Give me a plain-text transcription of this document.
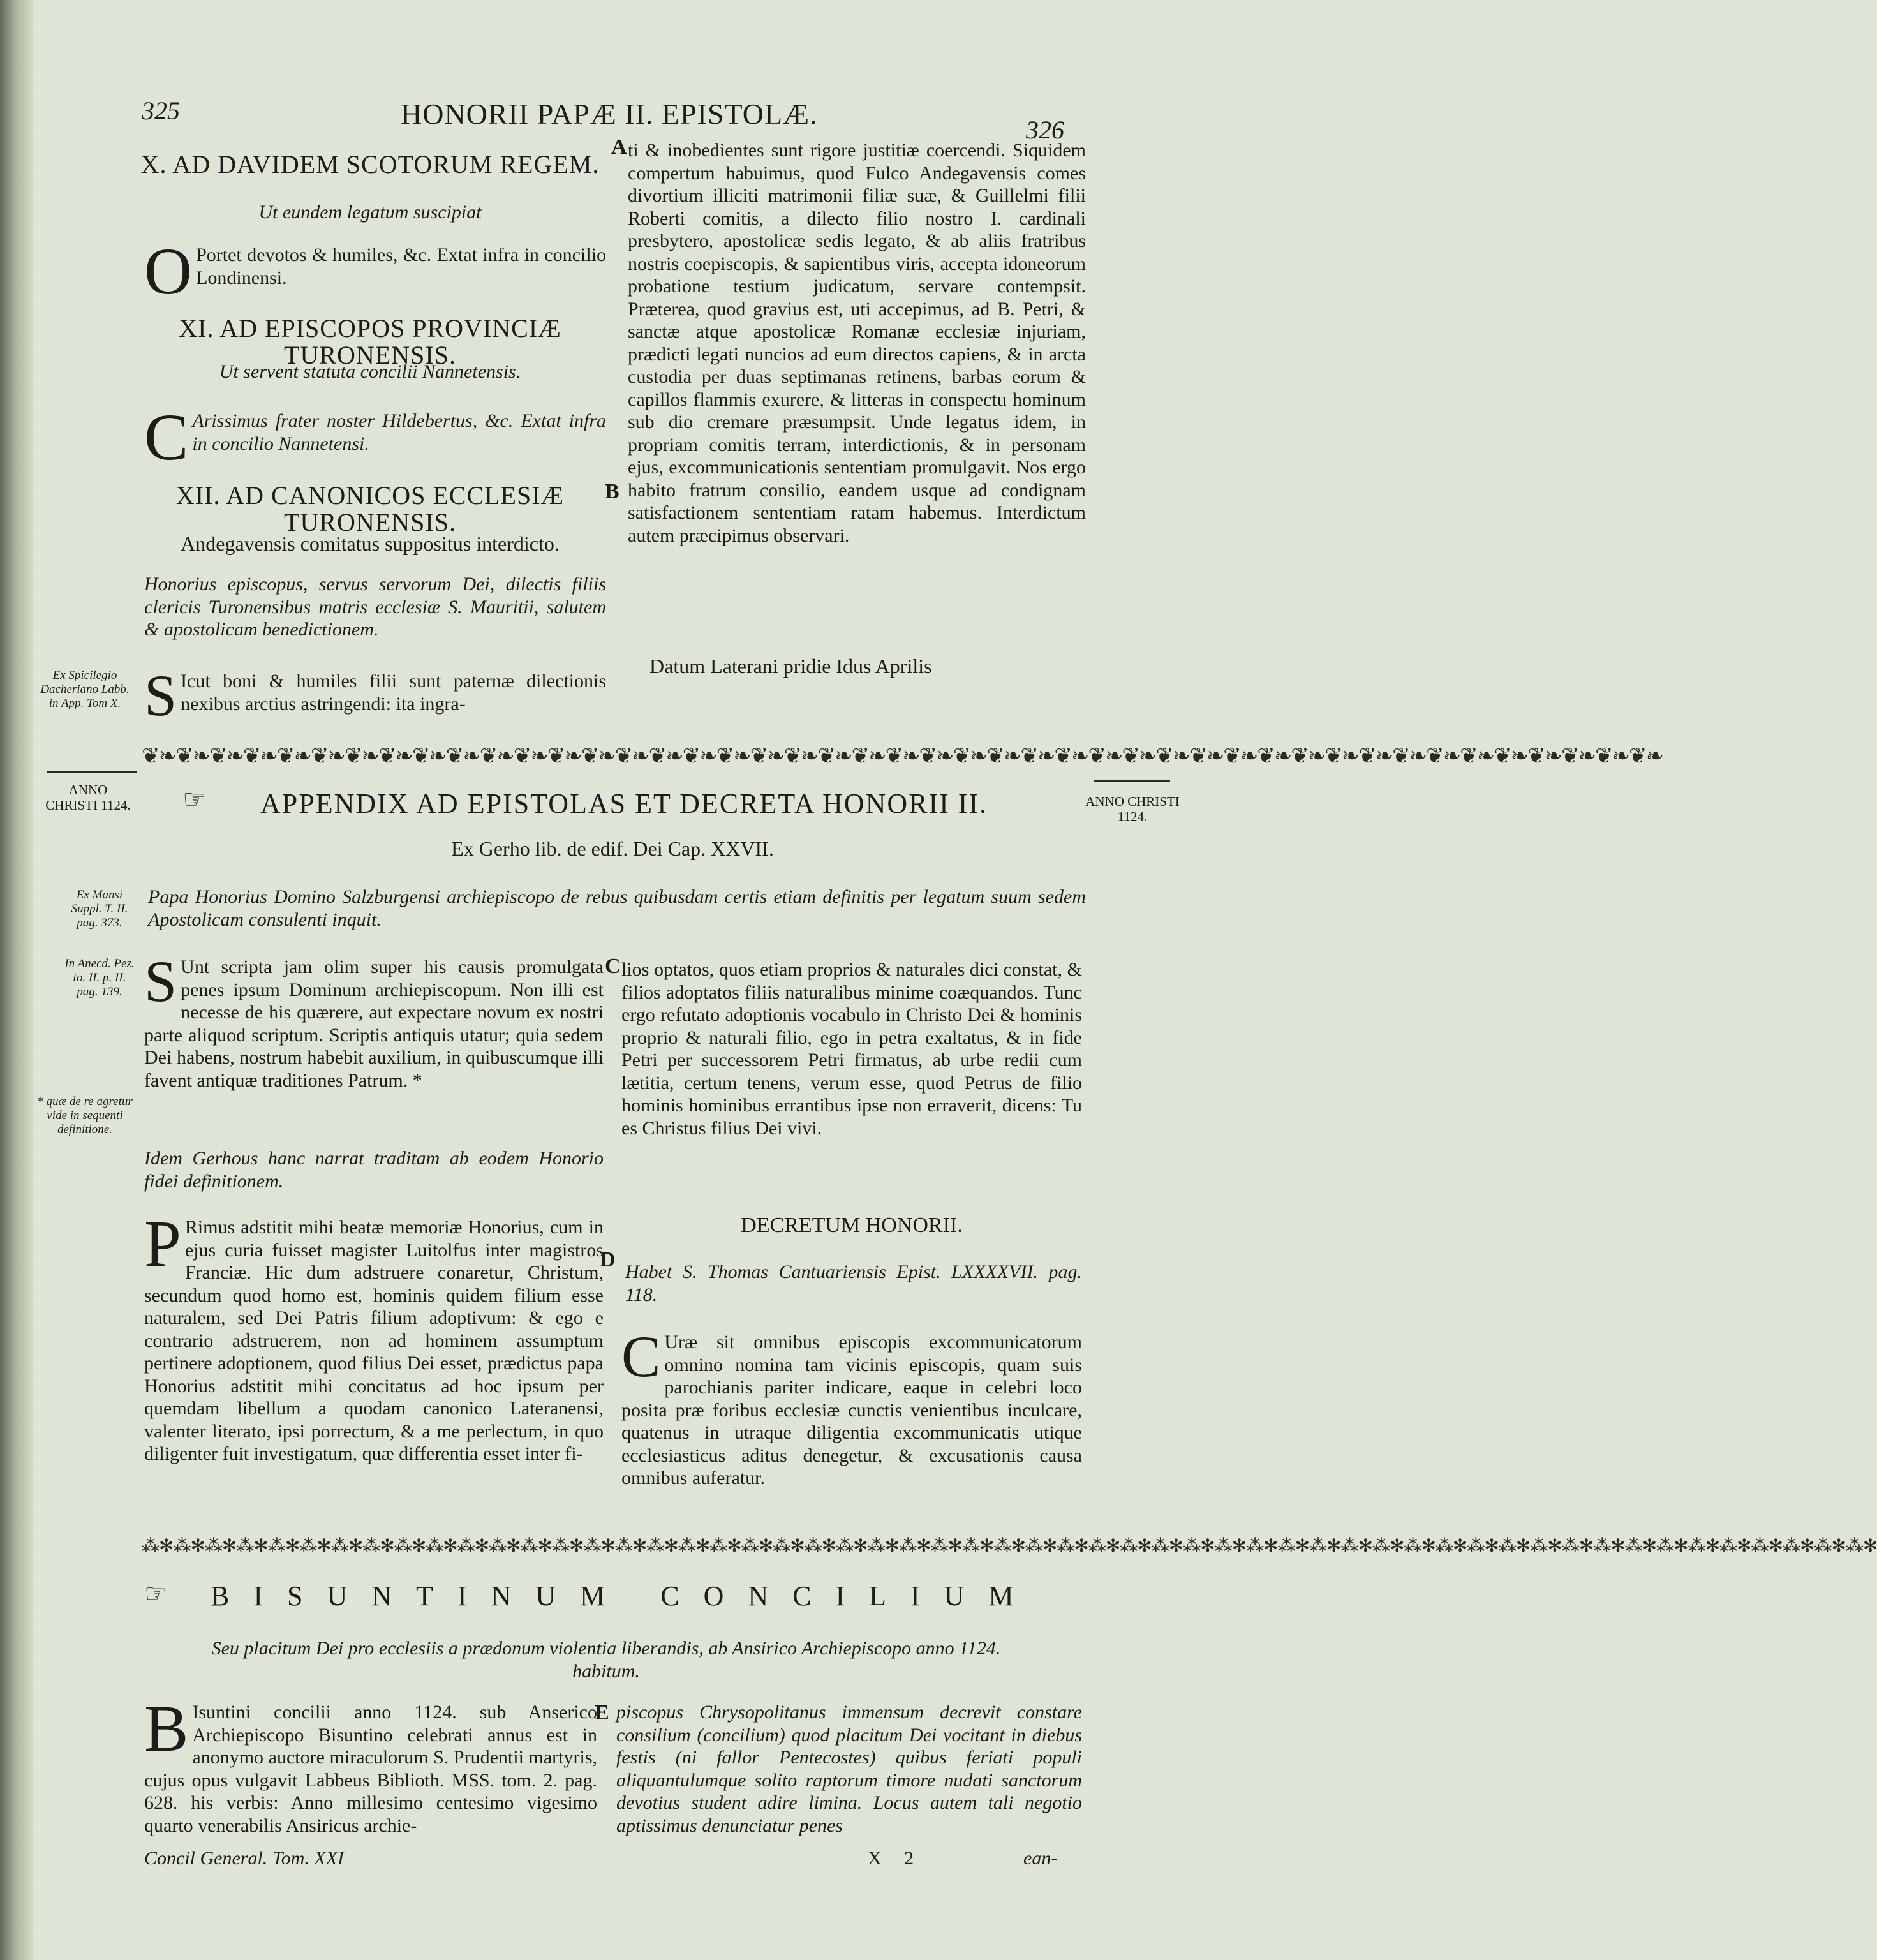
325	HONORII PAPÆ II. EPISTOLÆ.	326
X. AD DAVIDEM SCOTORUM REGEM.
Ut eundem legatum suscipiat
O Portet devotos & humiles, &c. Extat infra in concilio Londinensi.
XI. AD EPISCOPOS PROVINCIÆ TURONENSIS.
Ut servent statuta concilii Nannetensis.
C Arissimus frater noster Hildebertus, &c. Extat infra in concilio Nannetensi.
XII. AD CANONICOS ECCLESIÆ TURONENSIS.
Andegavensis comitatus suppositus interdicto.
Honorius episcopus, servus servorum Dei, dilectis filiis clericis Turonensibus matris ecclesiæ S. Mauritii, salutem & apostolicam benedictionem.
Ex Spicilegio Dacheriano Labb. in App. Tom X. S Icut boni & humiles filii sunt paternæ dilectionis nexibus arctius astringendi: ita ingra-
A
B
ti & inobedientes sunt rigore justitiæ coercendi. Siquidem compertum habuimus, quod Fulco Andegavensis comes divortium illiciti matrimonii filiæ suæ, & Guillelmi filii Roberti comitis, a dilecto filio nostro I. cardinali presbytero, apostolicæ sedis legato, & ab aliis fratribus nostris coepiscopis, & sapientibus viris, accepta idoneorum probatione testium judicatum, servare contempsit. Præterea, quod gravius est, uti accepimus, ad B. Petri, & sanctæ atque apostolicæ Romanæ ecclesiæ injuriam, prædicti legati nuncios ad eum directos capiens, & in arcta custodia per duas septimanas retinens, barbas eorum & capillos flammis exurere, & litteras in conspectu hominum sub dio cremare præsumpsit. Unde legatus idem, in propriam comitis terram, interdictionis, & in personam ejus, excommunicationis sententiam promulgavit. Nos ergo habito fratrum consilio, eandem usque ad condignam satisfactionem sententiam ratam habemus. Interdictum autem præcipimus observari.
Datum Laterani pridie Idus Aprilis
❦❧❦❧❦❧❦❧❦❧❦❧❦❧❦❧❦❧❦❧❦❧❦❧❦❧❦❧❦❧❦❧❦❧❦❧❦❧❦❧❦❧❦❧❦❧❦❧❦❧❦❧❦❧❦❧❦❧❦❧❦❧❦❧❦❧❦❧❦❧❦❧❦❧❦❧❦❧❦❧❦❧❦❧❦❧❦❧❦❧
ANNO CHRISTI 1124.	ANNO CHRISTI 1124.
☞ APPENDIX AD EPISTOLAS ET DECRETA HONORII II.
Ex Gerho lib. de edif. Dei Cap. XXVII.
Ex Mansi Suppl. T. II. pag. 373.
Papa Honorius Domino Salzburgensi archiepiscopo de rebus quibusdam certis etiam definitis per legatum suum sedem Apostolicam consulenti inquit.
In Anecd. Pez. to. II. p. II. pag. 139.
* quæ de re agretur vide in sequenti definitione.
S Unt scripta jam olim super his causis promulgata penes ipsum Dominum archiepiscopum. Non illi est necesse de his quærere, aut expectare novum ex nostri parte aliquod scriptum. Scriptis antiquis utatur; quia sedem Dei habens, nostrum habebit auxilium, in quibuscumque illi favent antiquæ traditiones Patrum. *
Idem Gerhous hanc narrat traditam ab eodem Honorio fidei definitionem.
P Rimus adstitit mihi beatæ memoriæ Honorius, cum in ejus curia fuisset magister Luitolfus inter magistros Franciæ. Hic dum adstruere conaretur, Christum, secundum quod homo est, hominis quidem filium esse naturalem, sed Dei Patris filium adoptivum: & ego e contrario adstruerem, non ad hominem assumptum pertinere adoptionem, quod filius Dei esset, prædictus papa Honorius adstitit mihi concitatus ad hoc ipsum per quemdam libellum a quodam canonico Lateranensi, valenter literato, ipsi porrectum, & a me perlectum, in quo diligenter fuit investigatum, quæ differentia esset inter fi-
C
D
lios optatos, quos etiam proprios & naturales dici constat, & filios adoptatos filiis naturalibus minime coæquandos. Tunc ergo refutato adoptionis vocabulo in Christo Dei & hominis proprio & naturali filio, ego in petra exaltatus, & in fide Petri per successorem Petri firmatus, ab urbe redii cum lætitia, certum tenens, verum esse, quod Petrus de filio hominis hominibus errantibus ipse non erraverit, dicens: Tu es Christus filius Dei vivi.
DECRETUM HONORII.
Habet S. Thomas Cantuariensis Epist. LXXXXVII. pag. 118.
C Uræ sit omnibus episcopis excommunicatorum omnino nomina tam vicinis episcopis, quam suis parochianis pariter indicare, eaque in celebri loco posita præ foribus ecclesiæ cunctis venientibus inculcare, quatenus in utraque diligentia excommunicatis utique ecclesiasticus aditus denegetur, & excusationis causa omnibus auferatur.
⁂✻⁂✻⁂✻⁂✻⁂✻⁂✻⁂✻⁂✻⁂✻⁂✻⁂✻⁂✻⁂✻⁂✻⁂✻⁂✻⁂✻⁂✻⁂✻⁂✻⁂✻⁂✻⁂✻⁂✻⁂✻⁂✻⁂✻⁂✻⁂✻⁂✻⁂✻⁂✻⁂✻⁂✻⁂✻⁂✻⁂✻⁂✻⁂✻⁂✻⁂✻⁂✻⁂✻⁂✻⁂✻⁂✻⁂✻⁂✻⁂✻⁂✻⁂✻⁂✻⁂✻⁂✻⁂✻
☞ BISUNTINUM CONCILIUM
Seu placitum Dei pro ecclesiis a prædonum violentia liberandis, ab Ansirico Archiepiscopo anno 1124. habitum.
B Isuntini concilii anno 1124. sub Anserico Archiepiscopo Bisuntino celebrati annus est in anonymo auctore miraculorum S. Prudentii martyris, cujus opus vulgavit Labbeus Biblioth. MSS. tom. 2. pag. 628. his verbis: Anno millesimo centesimo vigesimo quarto venerabilis Ansiricus archie-
E piscopus Chrysopolitanus immensum decrevit constare consilium (concilium) quod placitum Dei vocitant in diebus festis (ni fallor Pentecostes) quibus feriati populi aliquantulumque solito raptorum timore nudati sanctorum devotius student adire limina. Locus autem tali negotio aptissimus denunciatur penes
Concil General. Tom. XXI	X 2	ean-
